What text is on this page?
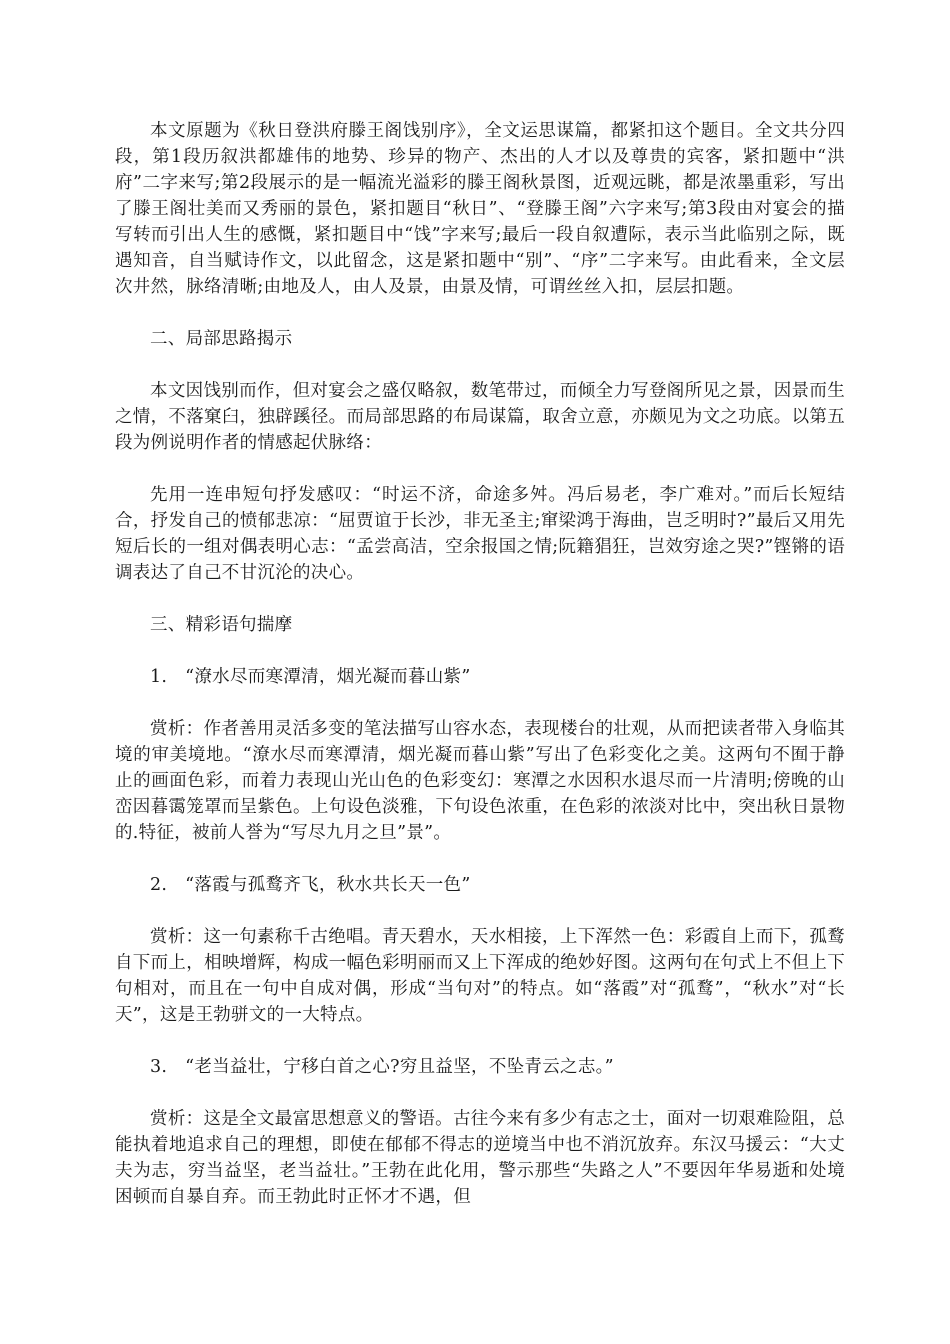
本文原题为《秋日登洪府滕王阁饯别序》，全文运思谋篇，都紧扣这个题目。全文共分四段，第1段历叙洪都雄伟的地势、珍异的物产、杰出的人才以及尊贵的宾客，紧扣题中“洪府”二字来写;第2段展示的是一幅流光溢彩的滕王阁秋景图，近观远眺，都是浓墨重彩，写出了滕王阁壮美而又秀丽的景色，紧扣题目“秋日”、“登滕王阁”六字来写;第3段由对宴会的描写转而引出人生的感慨，紧扣题目中“饯”字来写;最后一段自叙遭际，表示当此临别之际，既遇知音，自当赋诗作文，以此留念，这是紧扣题中“别”、“序”二字来写。由此看来，全文层次井然，脉络清晰;由地及人，由人及景，由景及情，可谓丝丝入扣，层层扣题。

二、局部思路揭示

本文因饯别而作，但对宴会之盛仅略叙，数笔带过，而倾全力写登阁所见之景，因景而生之情，不落窠臼，独辟蹊径。而局部思路的布局谋篇，取舍立意，亦颇见为文之功底。以第五段为例说明作者的情感起伏脉络：

先用一连串短句抒发感叹：“时运不济，命途多舛。冯后易老，李广难对。”而后长短结合，抒发自己的愤郁悲凉：“屈贾谊于长沙，非无圣主;窜梁鸿于海曲，岂乏明时?”最后又用先短后长的一组对偶表明心志：“孟尝高洁，空余报国之情;阮籍猖狂，岂效穷途之哭?”铿锵的语调表达了自己不甘沉沦的决心。

三、精彩语句揣摩

1.　“潦水尽而寒潭清，烟光凝而暮山紫”

赏析：作者善用灵活多变的笔法描写山容水态，表现楼台的壮观，从而把读者带入身临其境的审美境地。“潦水尽而寒潭清，烟光凝而暮山紫”写出了色彩变化之美。这两句不囿于静止的画面色彩，而着力表现山光山色的色彩变幻：寒潭之水因积水退尽而一片清明;傍晚的山峦因暮霭笼罩而呈紫色。上句设色淡雅，下句设色浓重，在色彩的浓淡对比中，突出秋日景物的.特征，被前人誉为“写尽九月之旦”景”。

2.　“落霞与孤鹜齐飞，秋水共长天一色”

赏析：这一句素称千古绝唱。青天碧水，天水相接，上下浑然一色：彩霞自上而下，孤鹜自下而上，相映增辉，构成一幅色彩明丽而又上下浑成的绝妙好图。这两句在句式上不但上下句相对，而且在一句中自成对偶，形成“当句对”的特点。如“落霞”对“孤鹜”，“秋水”对“长天”，这是王勃骈文的一大特点。

3.　“老当益壮，宁移白首之心?穷且益坚，不坠青云之志。”

赏析：这是全文最富思想意义的警语。古往今来有多少有志之士，面对一切艰难险阻，总能执着地追求自己的理想，即使在郁郁不得志的逆境当中也不消沉放弃。东汉马援云：“大丈夫为志，穷当益坚，老当益壮。”王勃在此化用，警示那些“失路之人”不要因年华易逝和处境困顿而自暴自弃。而王勃此时正怀才不遇，但
